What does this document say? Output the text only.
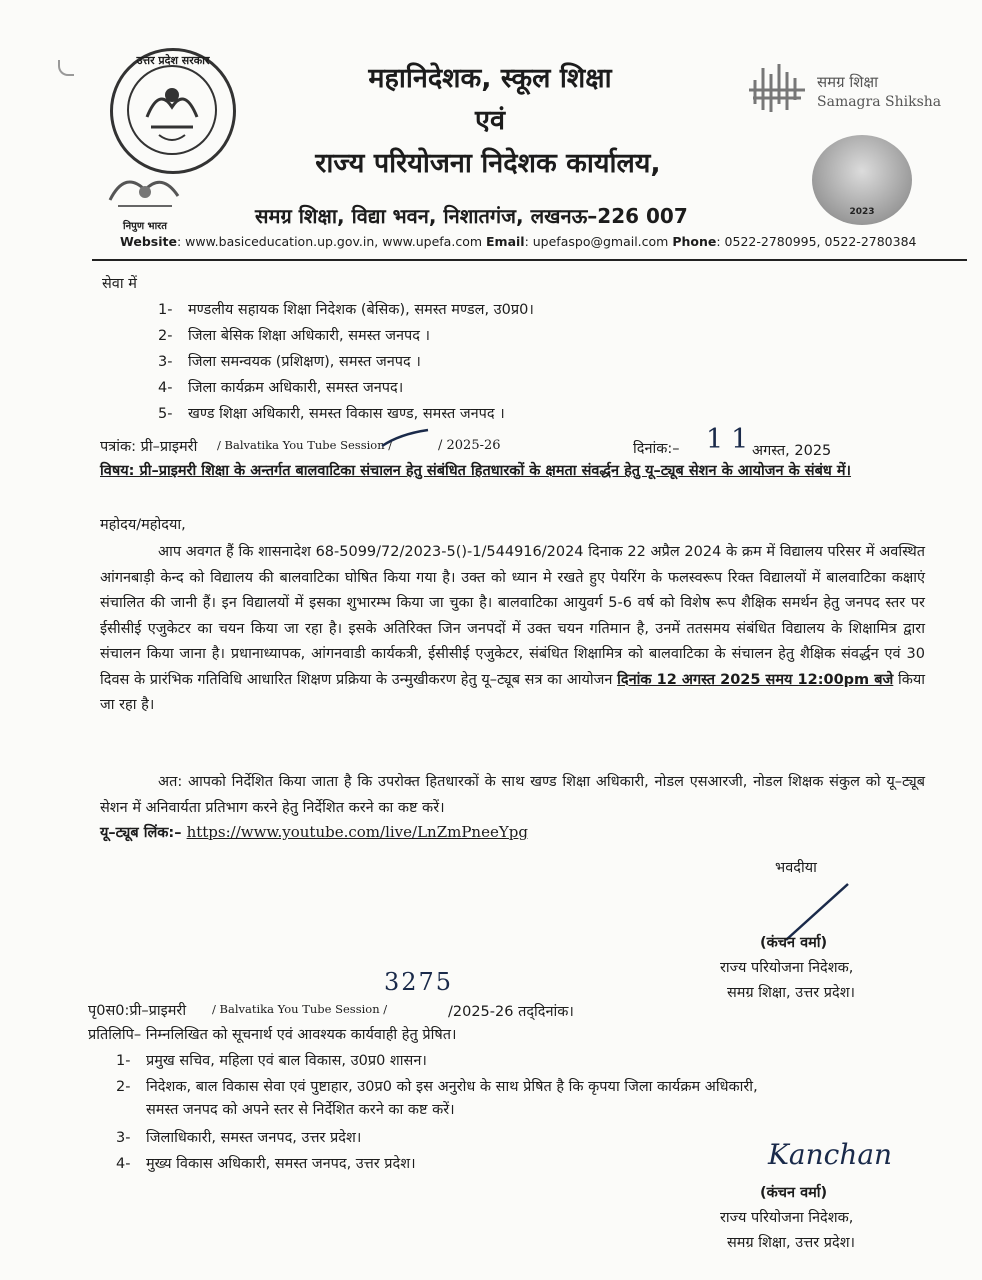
उत्तर प्रदेश सरकार
निपुण भारत
महानिदेशक, स्कूल शिक्षा
एवं
राज्य परियोजना निदेशक कार्यालय,
समग्र शिक्षा, विद्या भवन, निशातगंज, लखनऊ–226 007
समग्र शिक्षा
Samagra Shiksha
2023
Website: www.basiceducation.up.gov.in, www.upefa.com Email: upefaspo@gmail.com Phone: 0522-2780995, 0522-2780384
सेवा में
1- मण्डलीय सहायक शिक्षा निदेशक (बेसिक), समस्त मण्डल, उ0प्र0।
2- जिला बेसिक शिक्षा अधिकारी, समस्त जनपद ।
3- जिला समन्वयक (प्रशिक्षण), समस्त जनपद ।
4- जिला कार्यक्रम अधिकारी, समस्त जनपद।
5- खण्ड शिक्षा अधिकारी, समस्त विकास खण्ड, समस्त जनपद ।
पत्रांक: प्री–प्राइमरी / Balvatika You Tube Session /	/ 2025-26	दिनांक:– 11
अगस्त, 2025
विषय: प्री–प्राइमरी शिक्षा के अन्तर्गत बालवाटिका संचालन हेतु संबंधित हितधारकों के क्षमता संवर्द्धन हेतु यू–ट्यूब सेशन के आयोजन के संबंध में।
महोदय/महोदया,
आप अवगत हैं कि शासनादेश 68-5099/72/2023-5()-1/544916/2024 दिनाक 22 अप्रैल 2024 के क्रम में विद्यालय परिसर में अवस्थित आंगनबाड़ी केन्द को विद्यालय की बालवाटिका घोषित किया गया है। उक्त को ध्यान मे रखते हुए पेयरिंग के फलस्वरूप रिक्त विद्यालयों में बालवाटिका कक्षाएं संचालित की जानी हैं। इन विद्यालयों में इसका शुभारम्भ किया जा चुका है। बालवाटिका आयुवर्ग 5-6 वर्ष को विशेष रूप शैक्षिक समर्थन हेतु जनपद स्तर पर ईसीसीई एजुकेटर का चयन किया जा रहा है। इसके अतिरिक्त जिन जनपदों में उक्त चयन गतिमान है, उनमें ततसमय संबंधित विद्यालय के शिक्षामित्र द्वारा संचालन किया जाना है। प्रधानाध्यापक, आंगनवाडी कार्यकत्री, ईसीसीई एजुकेटर, संबंधित शिक्षामित्र को बालवाटिका के संचालन हेतु शैक्षिक संवर्द्धन एवं 30 दिवस के प्रारंभिक गतिविधि आधारित शिक्षण प्रक्रिया के उन्मुखीकरण हेतु यू–ट्यूब सत्र का आयोजन दिनांक 12 अगस्त 2025 समय 12:00pm बजे किया जा रहा है।
अत: आपको निर्देशित किया जाता है कि उपरोक्त हितधारकों के साथ खण्ड शिक्षा अधिकारी, नोडल एसआरजी, नोडल शिक्षक संकुल को यू–ट्यूब सेशन में अनिवार्यता प्रतिभाग करने हेतु निर्देशित करने का कष्ट करें।
यू–ट्यूब लिंक:– https://www.youtube.com/live/LnZmPneeYpg
भवदीया
(कंचन वर्मा)
राज्य परियोजना निदेशक,
समग्र शिक्षा, उत्तर प्रदेश।
पृ0स0:प्री–प्राइमरी / Balvatika You Tube Session /
3275
/2025-26 तद्‌दिनांक।
प्रतिलिपि– निम्नलिखित को सूचनार्थ एवं आवश्यक कार्यवाही हेतु प्रेषित।
1- प्रमुख सचिव, महिला एवं बाल विकास, उ0प्र0 शासन।
2- निदेशक, बाल विकास सेवा एवं पुष्टाहार, उ0प्र0 को इस अनुरोध के साथ प्रेषित है कि कृपया जिला कार्यक्रम अधिकारी,
समस्त जनपद को अपने स्तर से निर्देशित करने का कष्ट करें।
3- जिलाधिकारी, समस्त जनपद, उत्तर प्रदेश।
4- मुख्य विकास अधिकारी, समस्त जनपद, उत्तर प्रदेश।	Kanchan
(कंचन वर्मा)
राज्य परियोजना निदेशक,
समग्र शिक्षा, उत्तर प्रदेश।
